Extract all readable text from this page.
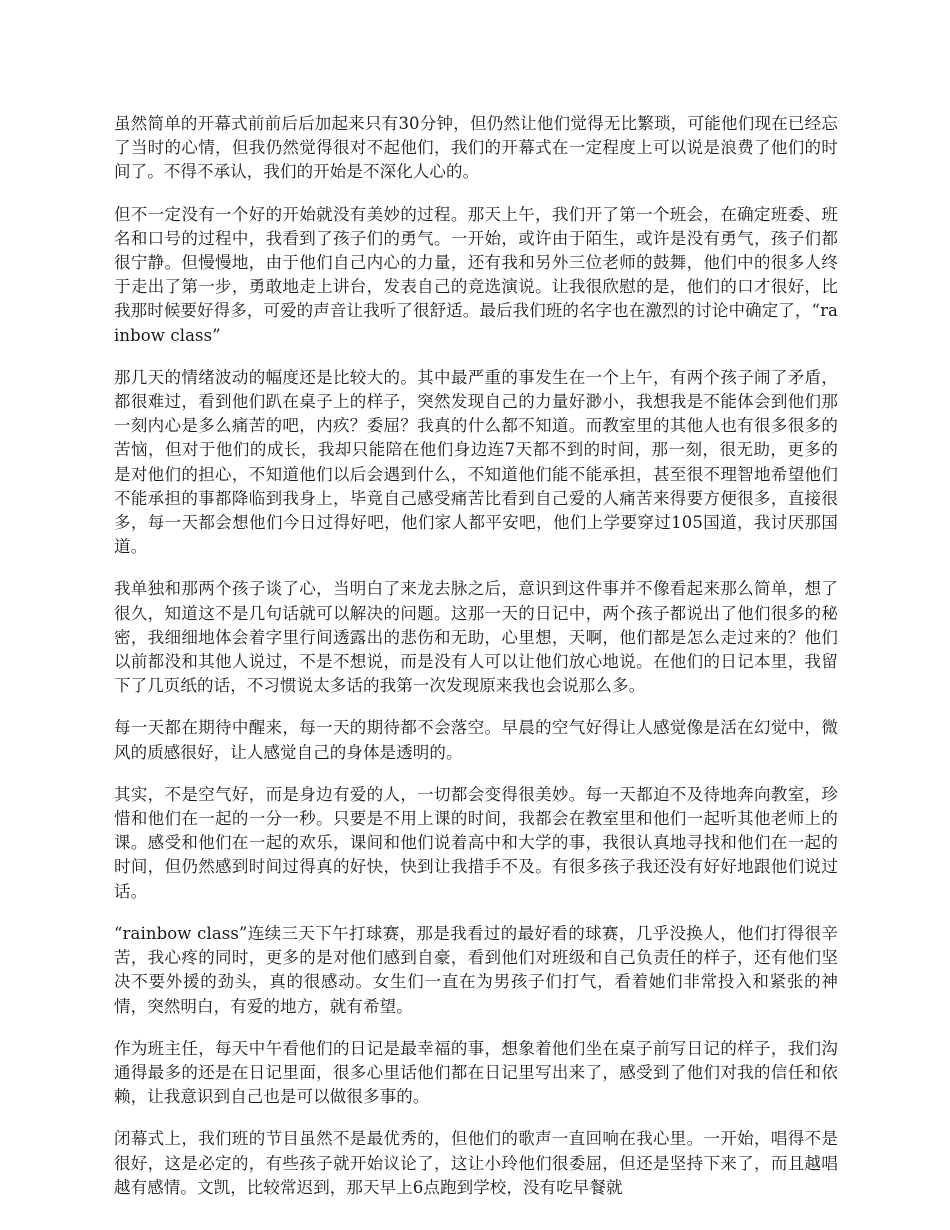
虽然简单的开幕式前前后后加起来只有30分钟，但仍然让他们觉得无比繁琐，可能他们现在已经忘了当时的心情，但我仍然觉得很对不起他们，我们的开幕式在一定程度上可以说是浪费了他们的时间了。不得不承认，我们的开始是不深化人心的。

但不一定没有一个好的开始就没有美妙的过程。那天上午，我们开了第一个班会，在确定班委、班名和口号的过程中，我看到了孩子们的勇气。一开始，或许由于陌生，或许是没有勇气，孩子们都很宁静。但慢慢地，由于他们自己内心的力量，还有我和另外三位老师的鼓舞，他们中的很多人终于走出了第一步，勇敢地走上讲台，发表自己的竞选演说。让我很欣慰的是，他们的口才很好，比我那时候要好得多，可爱的声音让我听了很舒适。最后我们班的名字也在激烈的讨论中确定了，“rainbow class”

那几天的情绪波动的幅度还是比较大的。其中最严重的事发生在一个上午，有两个孩子闹了矛盾，都很难过，看到他们趴在桌子上的样子，突然发现自己的力量好渺小，我想我是不能体会到他们那一刻内心是多么痛苦的吧，内疚？委屈？我真的什么都不知道。而教室里的其他人也有很多很多的苦恼，但对于他们的成长，我却只能陪在他们身边连7天都不到的时间，那一刻，很无助，更多的是对他们的担心，不知道他们以后会遇到什么，不知道他们能不能承担，甚至很不理智地希望他们不能承担的事都降临到我身上，毕竟自己感受痛苦比看到自己爱的人痛苦来得要方便很多，直接很多，每一天都会想他们今日过得好吧，他们家人都平安吧，他们上学要穿过105国道，我讨厌那国道。

我单独和那两个孩子谈了心，当明白了来龙去脉之后，意识到这件事并不像看起来那么简单，想了很久，知道这不是几句话就可以解决的问题。这那一天的日记中，两个孩子都说出了他们很多的秘密，我细细地体会着字里行间透露出的悲伤和无助，心里想，天啊，他们都是怎么走过来的？他们以前都没和其他人说过，不是不想说，而是没有人可以让他们放心地说。在他们的日记本里，我留下了几页纸的话，不习惯说太多话的我第一次发现原来我也会说那么多。

每一天都在期待中醒来，每一天的期待都不会落空。早晨的空气好得让人感觉像是活在幻觉中，微风的质感很好，让人感觉自己的身体是透明的。

其实，不是空气好，而是身边有爱的人，一切都会变得很美妙。每一天都迫不及待地奔向教室，珍惜和他们在一起的一分一秒。只要是不用上课的时间，我都会在教室里和他们一起听其他老师上的课。感受和他们在一起的欢乐，课间和他们说着高中和大学的事，我很认真地寻找和他们在一起的时间，但仍然感到时间过得真的好快，快到让我措手不及。有很多孩子我还没有好好地跟他们说过话。

“rainbow class”连续三天下午打球赛，那是我看过的最好看的球赛，几乎没换人，他们打得很辛苦，我心疼的同时，更多的是对他们感到自豪，看到他们对班级和自己负责任的样子，还有他们坚决不要外援的劲头，真的很感动。女生们一直在为男孩子们打气，看着她们非常投入和紧张的神情，突然明白，有爱的地方，就有希望。

作为班主任，每天中午看他们的日记是最幸福的事，想象着他们坐在桌子前写日记的样子，我们沟通得最多的还是在日记里面，很多心里话他们都在日记里写出来了，感受到了他们对我的信任和依赖，让我意识到自己也是可以做很多事的。

闭幕式上，我们班的节目虽然不是最优秀的，但他们的歌声一直回响在我心里。一开始，唱得不是很好，这是必定的，有些孩子就开始议论了，这让小玲他们很委屈，但还是坚持下来了，而且越唱越有感情。文凯，比较常迟到，那天早上6点跑到学校，没有吃早餐就
